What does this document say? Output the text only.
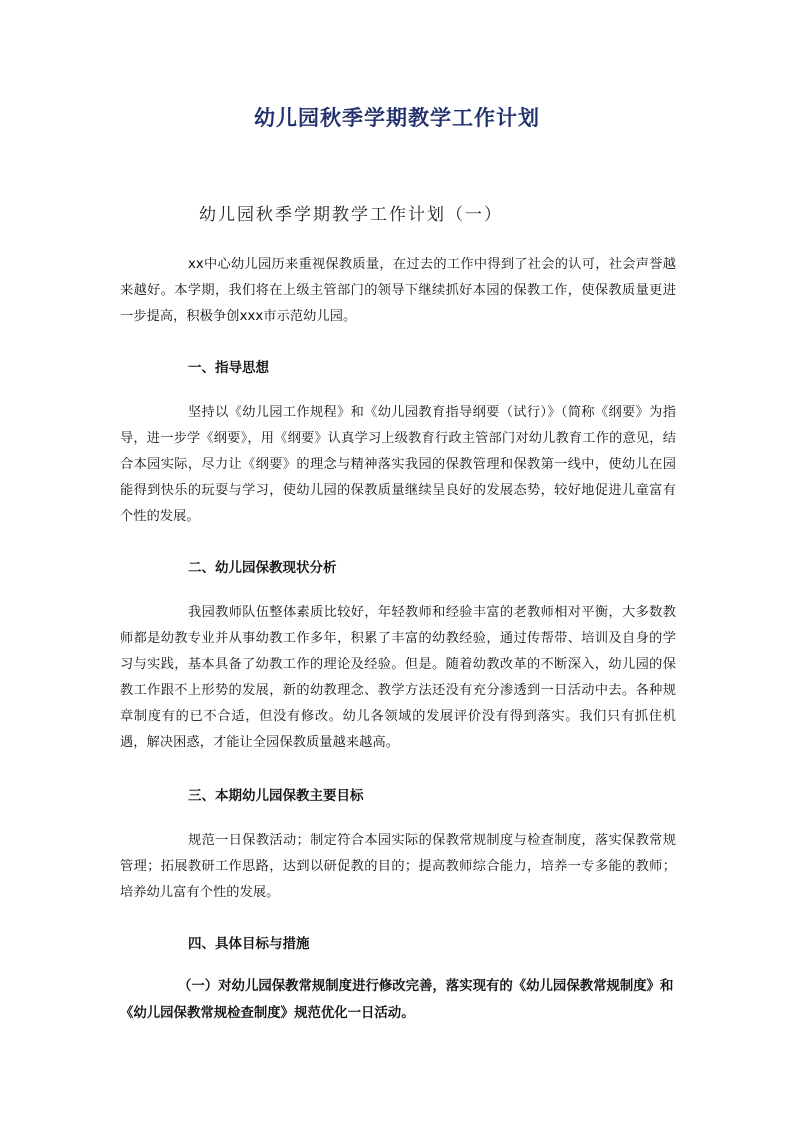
幼儿园秋季学期教学工作计划
幼儿园秋季学期教学工作计划（一）
xx中心幼儿园历来重视保教质量，在过去的工作中得到了社会的认可，社会声誉越来越好。本学期，我们将在上级主管部门的领导下继续抓好本园的保教工作，使保教质量更进一步提高，积极争创xxx市示范幼儿园。
一、指导思想
坚持以《幼儿园工作规程》和《幼儿园教育指导纲要（试行）》（简称《纲要》为指导，进一步学《纲要》，用《纲要》认真学习上级教育行政主管部门对幼儿教育工作的意见，结合本园实际，尽力让《纲要》的理念与精神落实我园的保教管理和保教第一线中，使幼儿在园能得到快乐的玩耍与学习，使幼儿园的保教质量继续呈良好的发展态势，较好地促进儿童富有个性的发展。
二、幼儿园保教现状分析
我园教师队伍整体素质比较好，年轻教师和经验丰富的老教师相对平衡，大多数教师都是幼教专业并从事幼教工作多年，积累了丰富的幼教经验，通过传帮带、培训及自身的学习与实践，基本具备了幼教工作的理论及经验。但是。随着幼教改革的不断深入，幼儿园的保教工作跟不上形势的发展，新的幼教理念、教学方法还没有充分渗透到一日活动中去。各种规章制度有的已不合适，但没有修改。幼儿各领域的发展评价没有得到落实。我们只有抓住机遇，解决困惑，才能让全园保教质量越来越高。
三、本期幼儿园保教主要目标
规范一日保教活动；制定符合本园实际的保教常规制度与检查制度，落实保教常规管理；拓展教研工作思路，达到以研促教的目的；提高教师综合能力，培养一专多能的教师；培养幼儿富有个性的发展。
四、具体目标与措施
（一）对幼儿园保教常规制度进行修改完善，落实现有的《幼儿园保教常规制度》和《幼儿园保教常规检查制度》规范优化一日活动。
